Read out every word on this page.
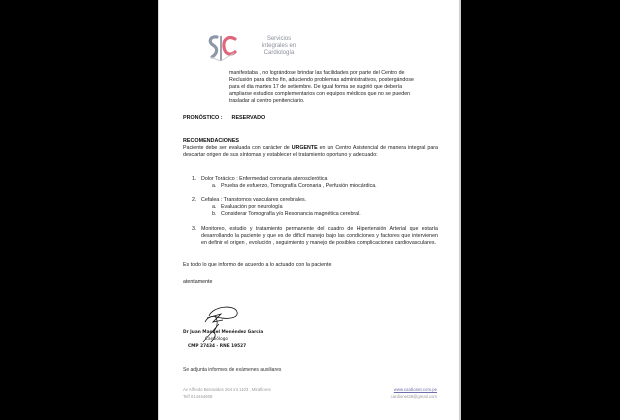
Servicios
integrales en
Cardiología
manifestaba , no lográndose brindar las facilidades por parte del Centro de
Reclusión para dicho fin, aduciendo problemas administrativos, postergándose
para el dia martes 17 de setiembre. De igual forma se sugirió que debería
ampliarse estudios complementarios con equipos médicos que no se pueden
trasladar al centro penitenciario.
PRONÓSTICO : RESERVADO
RECOMENDACIONES
Paciente debe ser evaluada con carácter de URGENTE en un Centro Asistencial de manera integral para descartar origen de sus síntomas y establecer el tratamiento oportuno y adecuado:
1. Dolor Torácico : Enfermedad coronaria aterosclerótica
a. Prueba de esfuerzo, Tomografía Coronaria , Perfusión miocárdica.
2. Cefalea : Transtornos vasculares cerebrales.
a. Evaluación por neurología
b. Considerar Tomografía y/o Resonancia magnética cerebral.
3. Monitoreo, estudio y tratamiento permanente del cuadro de Hipertensión Arterial que estaría desarrollando la paciente y que es de difícil manejo bajo las condiciones y factores que intervienen en definir el origen , evolución , seguimiento y manejo de posibles complicaciones cardiovasculares.
Es todo lo que informo de acuerdo a lo actuado con la paciente
atentamente
Dr Juan Manuel Menéndez García
Cardiólogo
CMP 27434 - RNE 19527
Se adjunta informes de exámenes auxiliares
Av Alfredo Benavides 264 int 1103 , Miraflores
Telf 014464609
www.cardionet.com.pe
cardionet28@gmail.com
